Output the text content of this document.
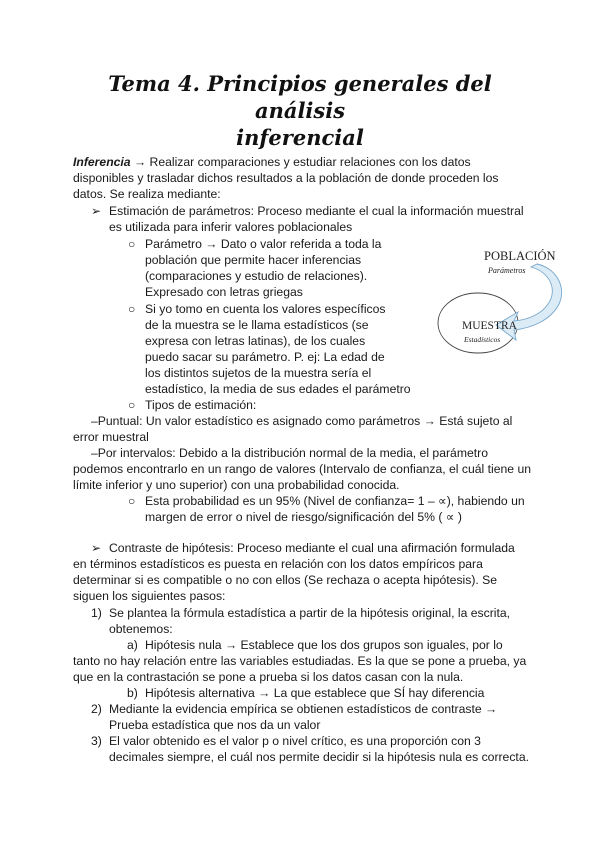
Tema 4. Principios generales del análisis
inferencial
Inferencia → Realizar comparaciones y estudiar relaciones con los datos
disponibles y trasladar dichos resultados a la población de donde proceden los
datos. Se realiza mediante:
➢ Estimación de parámetros: Proceso mediante el cual la información muestral
es utilizada para inferir valores poblacionales
○ Parámetro → Dato o valor referida a toda la
población que permite hacer inferencias
(comparaciones y estudio de relaciones).
Expresado con letras griegas
○ Si yo tomo en cuenta los valores específicos
de la muestra se le llama estadísticos (se
expresa con letras latinas), de los cuales
puedo sacar su parámetro. P. ej: La edad de
los distintos sujetos de la muestra sería el
estadístico, la media de sus edades el parámetro
○ Tipos de estimación:
–Puntual: Un valor estadístico es asignado como parámetros → Está sujeto al
error muestral
–Por intervalos: Debido a la distribución normal de la media, el parámetro
podemos encontrarlo en un rango de valores (Intervalo de confianza, el cuál tiene un
límite inferior y uno superior) con una probabilidad conocida.
○ Esta probabilidad es un 95% (Nivel de confianza= 1 – ∝), habiendo un
margen de error o nivel de riesgo/significación del 5% ( ∝ )
POBLACIÓN
Parámetros
MUESTRA
Estadísticos
➢ Contraste de hipótesis: Proceso mediante el cual una afirmación formulada
en términos estadísticos es puesta en relación con los datos empíricos para
determinar si es compatible o no con ellos (Se rechaza o acepta hipótesis). Se
siguen los siguientes pasos:
1) Se plantea la fórmula estadística a partir de la hipótesis original, la escrita,
obtenemos:
a) Hipótesis nula → Establece que los dos grupos son iguales, por lo
tanto no hay relación entre las variables estudiadas. Es la que se pone a prueba, ya
que en la contrastación se pone a prueba si los datos casan con la nula.
b) Hipótesis alternativa → La que establece que SÍ hay diferencia
2) Mediante la evidencia empírica se obtienen estadísticos de contraste →
Prueba estadística que nos da un valor
3) El valor obtenido es el valor p o nivel crítico, es una proporción con 3
decimales siempre, el cuál nos permite decidir si la hipótesis nula es correcta.
